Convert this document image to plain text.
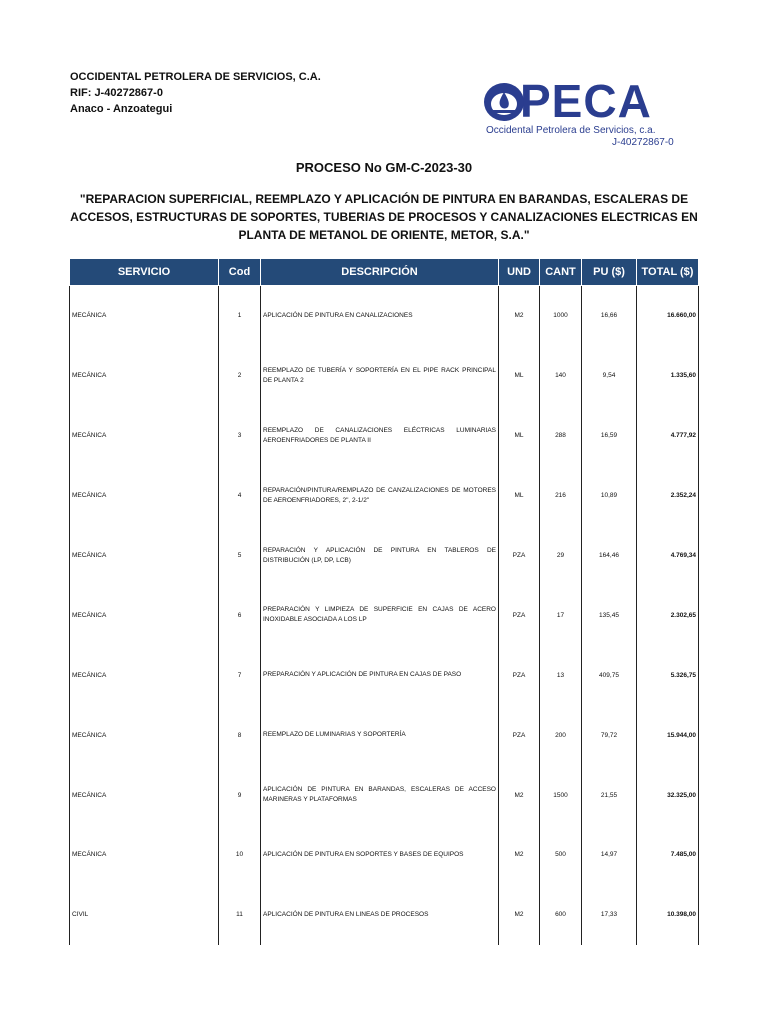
OCCIDENTAL PETROLERA DE SERVICIOS, C.A.
RIF: J-40272867-0
Anaco - Anzoategui	PECA
Occidental Petrolera de Servicios, c.a.
J-40272867-0
PROCESO No GM-C-2023-30
"REPARACION SUPERFICIAL, REEMPLAZO Y APLICACIÓN DE PINTURA EN BARANDAS, ESCALERAS DE ACCESOS, ESTRUCTURAS DE SOPORTES, TUBERIAS DE PROCESOS Y CANALIZACIONES ELECTRICAS EN PLANTA DE METANOL DE ORIENTE, METOR, S.A."
SERVICIO	Cod	DESCRIPCIÓN	UND	CANT	PU ($)	TOTAL ($)
MECÁNICA	1	APLICACIÓN DE PINTURA EN CANALIZACIONES	M2	1000	16,66	16.660,00
MECÁNICA	2	REEMPLAZO DE TUBERÍA Y SOPORTERÍA EN EL PIPE RACK PRINCIPAL DE PLANTA 2	ML	140	9,54	1.335,60
MECÁNICA	3	REEMPLAZO DE CANALIZACIONES ELÉCTRICAS LUMINARIAS AEROENFRIADORES DE PLANTA II	ML	288	16,59	4.777,92
MECÁNICA	4	REPARACIÓN/PINTURA/REMPLAZO DE CANZALIZACIONES DE MOTORES DE AEROENFRIADORES, 2", 2-1/2"	ML	216	10,89	2.352,24
MECÁNICA	5	REPARACIÓN Y APLICACIÓN DE PINTURA EN TABLEROS DE DISTRIBUCIÓN (LP, DP, LCB)	PZA	29	164,46	4.769,34
MECÁNICA	6	PREPARACIÓN Y LIMPIEZA DE SUPERFICIE EN CAJAS DE ACERO INOXIDABLE ASOCIADA A LOS LP	PZA	17	135,45	2.302,65
MECÁNICA	7	PREPARACIÓN Y APLICACIÓN DE PINTURA EN CAJAS DE PASO	PZA	13	409,75	5.326,75
MECÁNICA	8	REEMPLAZO DE LUMINARIAS Y SOPORTERÍA	PZA	200	79,72	15.944,00
MECÁNICA	9	APLICACIÓN DE PINTURA EN BARANDAS, ESCALERAS DE ACCESO MARINERAS Y PLATAFORMAS	M2	1500	21,55	32.325,00
MECÁNICA	10	APLICACIÓN DE PINTURA EN SOPORTES Y BASES DE EQUIPOS	M2	500	14,97	7.485,00
CIVIL	11	APLICACIÓN DE PINTURA EN LINEAS DE PROCESOS	M2	600	17,33	10.398,00
